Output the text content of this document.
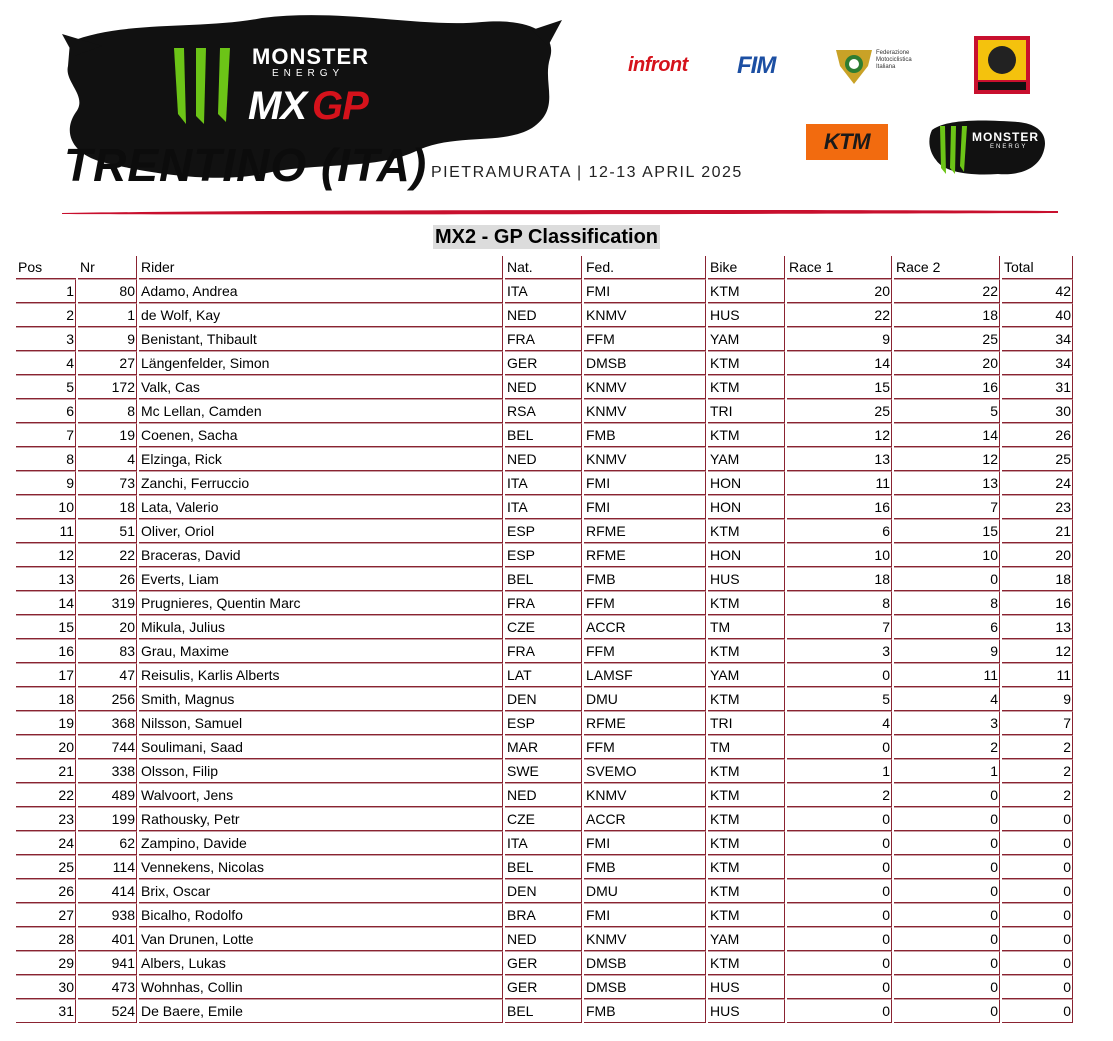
MONSTER
ENERGY
MX GP
TRENTINO (ITA) PIETRAMURATA | 12-13 APRIL 2025
infront FIM	Federazione Motociclistica Italiana
KTM	MONSTER
ENERGY
MX2 - GP Classification
Pos	Nr	Rider	Nat.	Fed.	Bike	Race 1	Race 2	Total
1	80	Adamo, Andrea	ITA	FMI	KTM	20	22	42
2	1	de Wolf, Kay	NED	KNMV	HUS	22	18	40
3	9	Benistant, Thibault	FRA	FFM	YAM	9	25	34
4	27	Längenfelder, Simon	GER	DMSB	KTM	14	20	34
5	172	Valk, Cas	NED	KNMV	KTM	15	16	31
6	8	Mc Lellan, Camden	RSA	KNMV	TRI	25	5	30
7	19	Coenen, Sacha	BEL	FMB	KTM	12	14	26
8	4	Elzinga, Rick	NED	KNMV	YAM	13	12	25
9	73	Zanchi, Ferruccio	ITA	FMI	HON	11	13	24
10	18	Lata, Valerio	ITA	FMI	HON	16	7	23
11	51	Oliver, Oriol	ESP	RFME	KTM	6	15	21
12	22	Braceras, David	ESP	RFME	HON	10	10	20
13	26	Everts, Liam	BEL	FMB	HUS	18	0	18
14	319	Prugnieres, Quentin Marc	FRA	FFM	KTM	8	8	16
15	20	Mikula, Julius	CZE	ACCR	TM	7	6	13
16	83	Grau, Maxime	FRA	FFM	KTM	3	9	12
17	47	Reisulis, Karlis Alberts	LAT	LAMSF	YAM	0	11	11
18	256	Smith, Magnus	DEN	DMU	KTM	5	4	9
19	368	Nilsson, Samuel	ESP	RFME	TRI	4	3	7
20	744	Soulimani, Saad	MAR	FFM	TM	0	2	2
21	338	Olsson, Filip	SWE	SVEMO	KTM	1	1	2
22	489	Walvoort, Jens	NED	KNMV	KTM	2	0	2
23	199	Rathousky, Petr	CZE	ACCR	KTM	0	0	0
24	62	Zampino, Davide	ITA	FMI	KTM	0	0	0
25	114	Vennekens, Nicolas	BEL	FMB	KTM	0	0	0
26	414	Brix, Oscar	DEN	DMU	KTM	0	0	0
27	938	Bicalho, Rodolfo	BRA	FMI	KTM	0	0	0
28	401	Van Drunen, Lotte	NED	KNMV	YAM	0	0	0
29	941	Albers, Lukas	GER	DMSB	KTM	0	0	0
30	473	Wohnhas, Collin	GER	DMSB	HUS	0	0	0
31	524	De Baere, Emile	BEL	FMB	HUS	0	0	0
